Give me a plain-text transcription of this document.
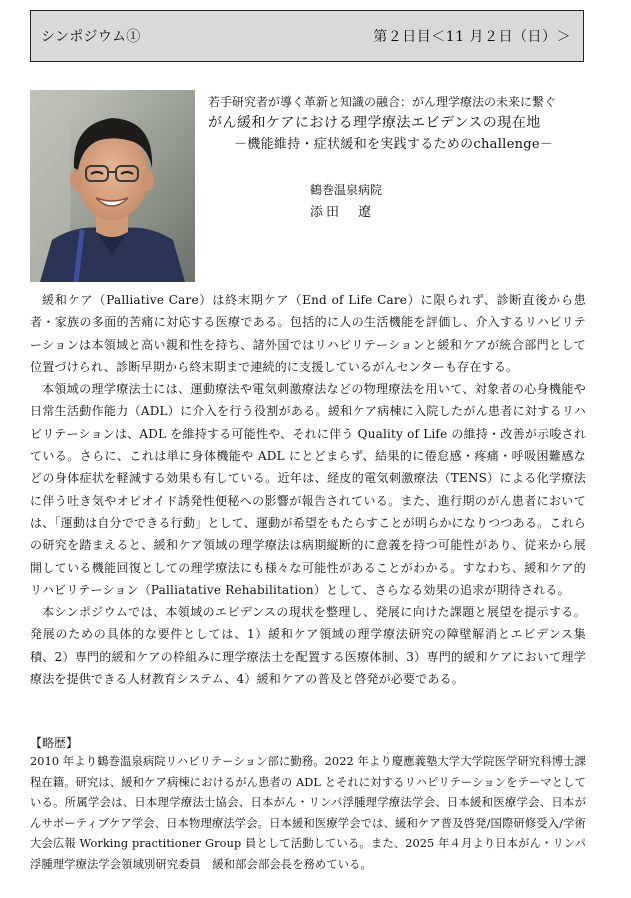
シンポジウム①	第２日目＜11 月２日（日）＞
若手研究者が導く革新と知識の融合：がん理学療法の未来に繋ぐ
がん緩和ケアにおける理学療法エビデンスの現在地
－機能維持・症状緩和を実践するためのchallenge－
鶴巻温泉病院
添田　遼

緩和ケア（Palliative Care）は終末期ケア（End of Life Care）に限られず、診断直後から患者・家族の多面的苦痛に対応する医療である。包括的に人の生活機能を評価し、介入するリハビリテーションは本領域と高い親和性を持ち、諸外国ではリハビリテーションと緩和ケアが統合部門として位置づけられ、診断早期から終末期まで連続的に支援しているがんセンターも存在する。

本領域の理学療法士には、運動療法や電気刺激療法などの物理療法を用いて、対象者の心身機能や日常生活動作能力（ADL）に介入を行う役割がある。緩和ケア病棟に入院したがん患者に対するリハビリテーションは、ADL を維持する可能性や、それに伴う Quality of Life の維持・改善が示唆されている。さらに、これは単に身体機能や ADL にとどまらず、結果的に倦怠感・疼痛・呼吸困難感などの身体症状を軽減する効果も有している。近年は、経皮的電気刺激療法（TENS）による化学療法に伴う吐き気やオピオイド誘発性便秘への影響が報告されている。また、進行期のがん患者においては、「運動は自分でできる行動」として、運動が希望をもたらすことが明らかになりつつある。これらの研究を踏まえると、緩和ケア領域の理学療法は病期縦断的に意義を持つ可能性があり、従来から展開している機能回復としての理学療法にも様々な可能性があることがわかる。すなわち、緩和ケア的リハビリテーション（Palliatative Rehabilitation）として、さらなる効果の追求が期待される。

本シンポジウムでは、本領域のエビデンスの現状を整理し、発展に向けた課題と展望を提示する。発展のための具体的な要件としては、1）緩和ケア領域の理学療法研究の障壁解消とエビデンス集積、2）専門的緩和ケアの枠組みに理学療法士を配置する医療体制、3）専門的緩和ケアにおいて理学療法を提供できる人材教育システム、4）緩和ケアの普及と啓発が必要である。

【略歴】

2010 年より鶴巻温泉病院リハビリテーション部に勤務。2022 年より慶應義塾大学大学院医学研究科博士課程在籍。研究は、緩和ケア病棟におけるがん患者の ADL とそれに対するリハビリテーションをテーマとしている。所属学会は、日本理学療法士協会、日本がん・リンパ浮腫理学療法学会、日本緩和医療学会、日本がんサポーティブケア学会、日本物理療法学会。日本緩和医療学会では、緩和ケア普及啓発/国際研修受入/学術大会広報 Working practitioner Group 員として活動している。また、2025 年４月より日本がん・リンパ浮腫理学療法学会領域別研究委員　緩和部会部会長を務めている。
